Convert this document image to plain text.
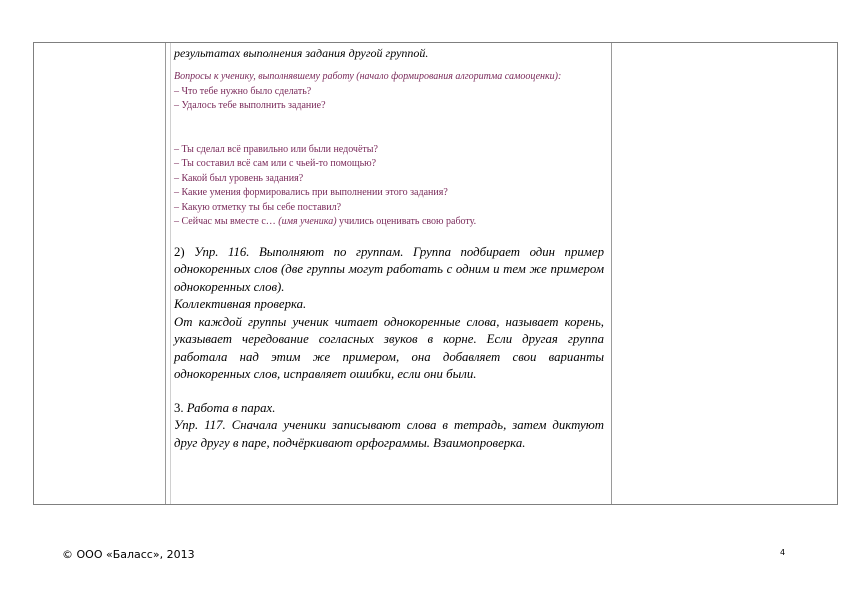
результатах выполнения задания другой группой.

Вопросы к ученику, выполнявшему работу (начало формирования алгоритма самооценки):
– Что тебе нужно было сделать?
– Удалось тебе выполнить задание?
– Ты сделал всё правильно или были недочёты?
– Ты составил всё сам или с чьей-то помощью?
– Какой был уровень задания?
– Какие умения формировались при выполнении этого задания?
– Какую отметку ты бы себе поставил?
– Сейчас мы вместе с… (имя ученика) учились оценивать свою работу.

2) Упр. 116. Выполняют по группам. Группа подбирает один пример однокоренных слов (две группы могут работать с одним и тем же примером однокоренных слов).

Коллективная проверка.

От каждой группы ученик читает однокоренные слова, называет корень, указывает чередование согласных звуков в корне. Если другая группа работала над этим же примером, она добавляет свои варианты однокоренных слов, исправляет ошибки, если они были.

3. Работа в парах.

Упр. 117. Сначала ученики записывают слова в тетрадь, затем диктуют друг другу в паре, подчёркивают орфограммы. Взаимопроверка.

© ООО «Баласс», 2013	4
